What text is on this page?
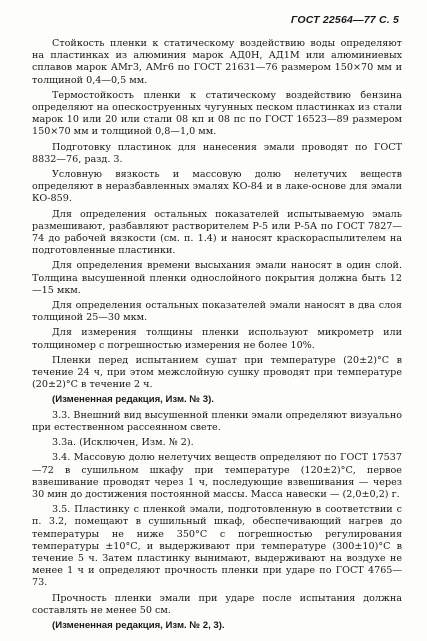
ГОСТ 22564—77 С. 5

Стойкость пленки к статическому воздействию воды определяют на пластинках из алюминия марок АД0Н, АД1М или алюминиевых сплавов марок АМг3, АМг6 по ГОСТ 21631—76 размером 150×70 мм и толщиной 0,4—0,5 мм.

Термостойкость пленки к статическому воздействию бензина определяют на опескоструенных чугунных песком пластинках из стали марок 10 или 20 или стали 08 кп и 08 пс по ГОСТ 16523—89 размером 150×70 мм и толщиной 0,8—1,0 мм.

Подготовку пластинок для нанесения эмали проводят по ГОСТ 8832—76, разд. 3.

Условную вязкость и массовую долю нелетучих веществ определяют в неразбавленных эмалях КО-84 и в лаке-основе для эмали КО-859.

Для определения остальных показателей испытываемую эмаль размешивают, разбавляют растворителем Р-5 или Р-5А по ГОСТ 7827—74 до рабочей вязкости (см. п. 1.4) и наносят краскораспылителем на подготовленные пластинки.

Для определения времени высыхания эмали наносят в один слой. Толщина высушенной пленки однослойного покрытия должна быть 12—15 мкм.

Для определения остальных показателей эмали наносят в два слоя толщиной 25—30 мкм.

Для измерения толщины пленки используют микрометр или толщиномер с погрешностью измерения не более 10%.

Пленки перед испытанием сушат при температуре (20±2)°С в течение 24 ч, при этом межслойную сушку проводят при температуре (20±2)°С в течение 2 ч.

(Измененная редакция, Изм. № 3).

3.3. Внешний вид высушенной пленки эмали определяют визуально при естественном рассеянном свете.

3.3а. (Исключен, Изм. № 2).

3.4. Массовую долю нелетучих веществ определяют по ГОСТ 17537—72 в сушильном шкафу при температуре (120±2)°С, первое взвешивание проводят через 1 ч, последующие взвешивания — через 30 мин до достижения постоянной массы. Масса навески — (2,0±0,2) г.

3.5. Пластинку с пленкой эмали, подготовленную в соответствии с п. 3.2, помещают в сушильный шкаф, обеспечивающий нагрев до температуры не ниже 350°С с погрешностью регулирования температуры ±10°С, и выдерживают при температуре (300±10)°С в течение 5 ч. Затем пластинку вынимают, выдерживают на воздухе не менее 1 ч и определяют прочность пленки при ударе по ГОСТ 4765—73.

Прочность пленки эмали при ударе после испытания должна составлять не менее 50 см.

(Измененная редакция, Изм. № 2, 3).
